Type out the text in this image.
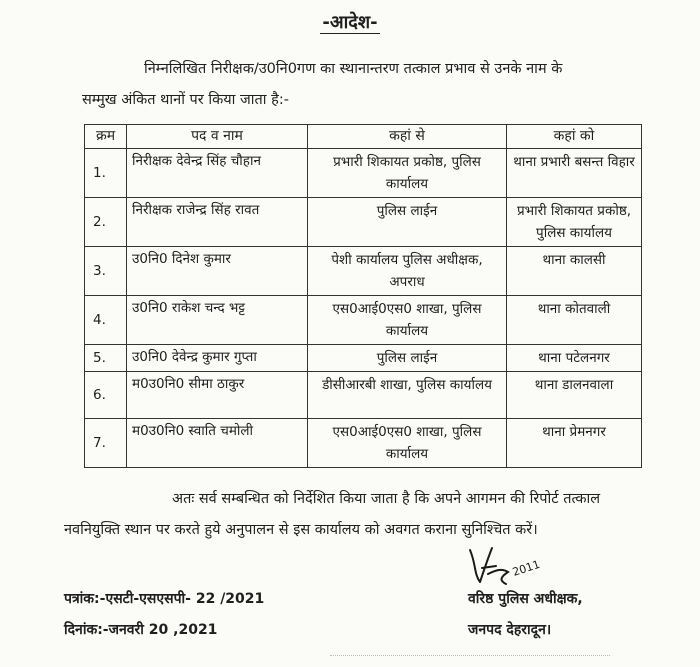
-आदेश-
निम्नलिखित निरीक्षक/उ0नि0गण का स्थानान्तरण तत्काल प्रभाव से उनके नाम के
सम्मुख अंकित थानों पर किया जाता है:-
क्रम	पद व नाम	कहां से	कहां को
1.	निरीक्षक देवेन्द्र सिंह चौहान	प्रभारी शिकायत प्रकोष्ठ, पुलिस कार्यालय	थाना प्रभारी बसन्त विहार
2.	निरीक्षक राजेन्द्र सिंह रावत	पुलिस लाईन	प्रभारी शिकायत प्रकोष्ठ, पुलिस कार्यालय
3.	उ0नि0 दिनेश कुमार	पेशी कार्यालय पुलिस अधीक्षक, अपराध	थाना कालसी
4.	उ0नि0 राकेश चन्द भट्ट	एस0आई0एस0 शाखा, पुलिस कार्यालय	थाना कोतवाली
5.	उ0नि0 देवेन्द्र कुमार गुप्ता	पुलिस लाईन	थाना पटेलनगर
6.	म0उ0नि0 सीमा ठाकुर	डीसीआरबी शाखा, पुलिस कार्यालय	थाना डालनवाला
7.	म0उ0नि0 स्वाति चमोली	एस0आई0एस0 शाखा, पुलिस कार्यालय	थाना प्रेमनगर
अतः सर्व सम्बन्धित को निर्देशित किया जाता है कि अपने आगमन की रिपोर्ट तत्काल
नवनियुक्ति स्थान पर करते हुये अनुपालन से इस कार्यालय को अवगत कराना सुनिश्चित करें।
पत्रांक:-एसटी-एसएसपी- 22 /2021
दिनांक:-जनवरी 20 ,2021
2011
वरिष्ठ पुलिस अधीक्षक,
जनपद देहरादून।
